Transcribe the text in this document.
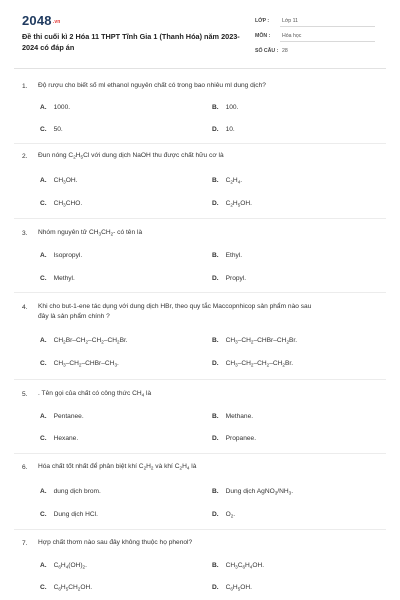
$2048^{.vn}$
Đề thi cuối kì 2 Hóa 11 THPT Tĩnh Gia 1 (Thanh Hóa) năm 2023-2024 có đáp án
LỚP : Lớp 11
MÔN : Hóa học
SỐ CÂU : 28
1. Độ rượu cho biết số ml ethanol nguyên chất có trong bao nhiêu ml dung dịch?
A. 1000.	B. 100.
C. 50.	D. 10.
2. Đun nóng $C_2H_5Cl$ với dung dịch NaOH thu được chất hữu cơ là
A. $CH_3OH$.	B. $C_2H_4$.
C. $CH_3CHO$.	D. $C_2H_5OH$.
3. Nhóm nguyên tử $CH_3CH_2-$ có tên là
A. Isopropyl.	B. Ethyl.
C. Methyl.	D. Propyl.
4. Khi cho but-1-ene tác dụng với dung dịch HBr, theo quy tắc Maccopnhicop sản phẩm nào sau
đây là sản phẩm chính ?
A. $CH_2Br-CH_2-CH_2-CH_2Br$.	B. $CH_3-CH_2-CHBr-CH_2Br$.
C. $CH_3-CH_2-CHBr-CH_3$.	D. $CH_3-CH_2-CH_2-CH_2Br$.
5. . Tên gọi của chất có công thức $CH_4$ là
A. Pentanee.	B. Methane.
C. Hexane.	D. Propanee.
6. Hóa chất tốt nhất để phân biệt khí $C_2H_2$ và khí $C_2H_4$ là
A. dung dịch brom.	B. Dung dịch $AgNO_3/NH_3$.
C. Dung dịch HCl.	D. $O_2$.
7. Hợp chất thơm nào sau đây không thuộc họ phenol?
A. $C_6H_4(OH)_2$.	B. $CH_3C_6H_4OH$.
C. $C_6H_5CH_2OH$.	D. $C_6H_5OH$.
